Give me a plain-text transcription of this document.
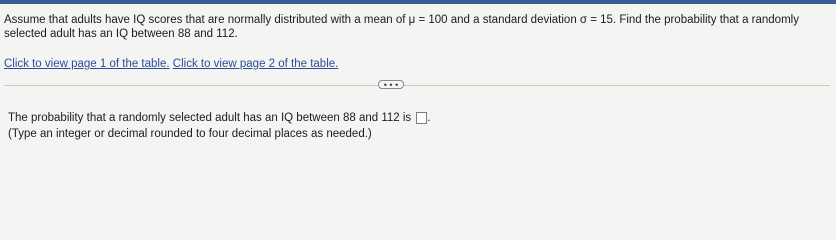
Assume that adults have IQ scores that are normally distributed with a mean of μ = 100 and a standard deviation σ = 15. Find the probability that a randomly selected adult has an IQ between 88 and 112.
Click to view page 1 of the table. Click to view page 2 of the table.
• • •
The probability that a randomly selected adult has an IQ between 88 and 112 is .
(Type an integer or decimal rounded to four decimal places as needed.)
